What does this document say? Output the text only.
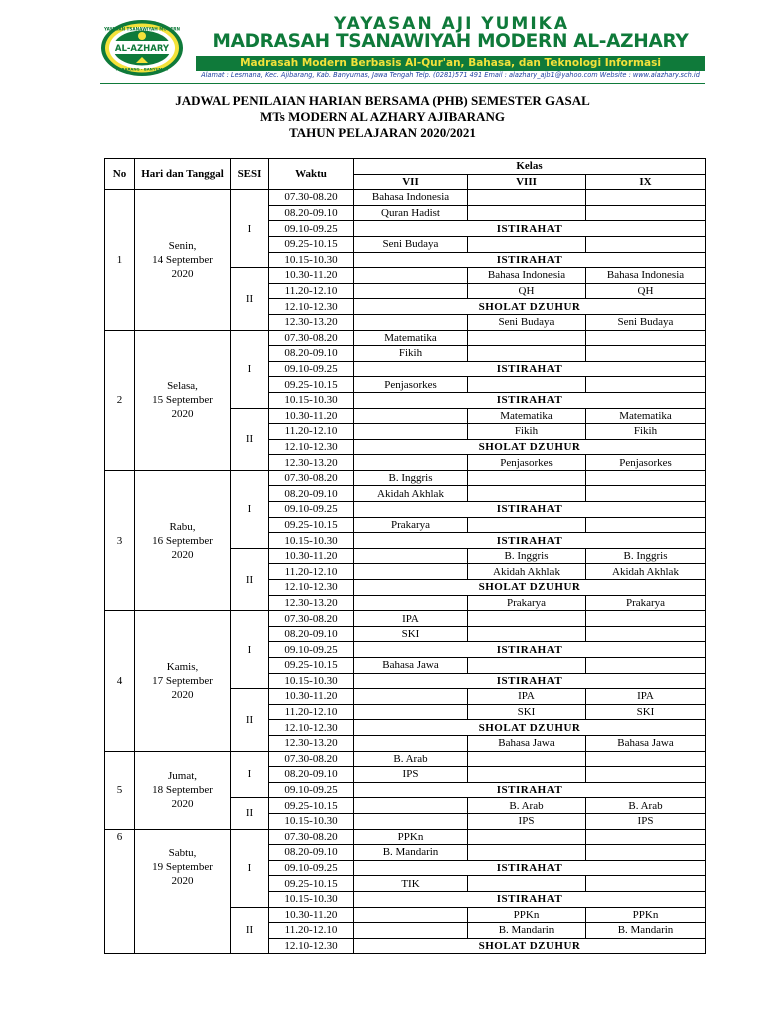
YAYASAN TSANAWIYAH MODERN
AL-AZHARY
AJIBARANG - BANYUMAS
YAYASAN AJI YUMIKA
MADRASAH TSANAWIYAH MODERN AL-AZHARY
Madrasah Modern Berbasis Al-Qur'an, Bahasa, dan Teknologi Informasi
Alamat : Lesmana, Kec. Ajibarang, Kab. Banyumas, Jawa Tengah Telp. (0281)571 491 Email : alazhary_ajb1@yahoo.com Website : www.alazhary.sch.id
JADWAL PENILAIAN HARIAN BERSAMA (PHB) SEMESTER GASAL
MTs MODERN AL AZHARY AJIBARANG
TAHUN PELAJARAN 2020/2021
No	Hari dan Tanggal	SESI	Waktu	Kelas		
				VII	VIII	IX
1	Senin,
14 September
2020	I	07.30-08.20	Bahasa Indonesia		
			08.20-09.10	Quran Hadist		
			09.10-09.25	ISTIRAHAT		
			09.25-10.15	Seni Budaya		
			10.15-10.30	ISTIRAHAT		
		II	10.30-11.20		Bahasa Indonesia	Bahasa Indonesia
			11.20-12.10		QH	QH
			12.10-12.30	SHOLAT DZUHUR		
			12.30-13.20		Seni Budaya	Seni Budaya
2	Selasa,
15 September
2020	I	07.30-08.20	Matematika		
			08.20-09.10	Fikih		
			09.10-09.25	ISTIRAHAT		
			09.25-10.15	Penjasorkes		
			10.15-10.30	ISTIRAHAT		
		II	10.30-11.20		Matematika	Matematika
			11.20-12.10		Fikih	Fikih
			12.10-12.30	SHOLAT DZUHUR		
			12.30-13.20		Penjasorkes	Penjasorkes
3	Rabu,
16 September
2020	I	07.30-08.20	B. Inggris		
			08.20-09.10	Akidah Akhlak		
			09.10-09.25	ISTIRAHAT		
			09.25-10.15	Prakarya		
			10.15-10.30	ISTIRAHAT		
		II	10.30-11.20		B. Inggris	B. Inggris
			11.20-12.10		Akidah Akhlak	Akidah Akhlak
			12.10-12.30	SHOLAT DZUHUR		
			12.30-13.20		Prakarya	Prakarya
4	Kamis,
17 September
2020	I	07.30-08.20	IPA		
			08.20-09.10	SKI		
			09.10-09.25	ISTIRAHAT		
			09.25-10.15	Bahasa Jawa		
			10.15-10.30	ISTIRAHAT		
		II	10.30-11.20		IPA	IPA
			11.20-12.10		SKI	SKI
			12.10-12.30	SHOLAT DZUHUR		
			12.30-13.20		Bahasa Jawa	Bahasa Jawa
5	Jumat,
18 September
2020	I	07.30-08.20	B. Arab		
			08.20-09.10	IPS		
			09.10-09.25	ISTIRAHAT		
		II	09.25-10.15		B. Arab	B. Arab
			10.15-10.30		IPS	IPS
6	Sabtu,
19 September
2020	I	07.30-08.20	PPKn		
			08.20-09.10	B. Mandarin		
			09.10-09.25	ISTIRAHAT		
			09.25-10.15	TIK		
			10.15-10.30	ISTIRAHAT		
		II	10.30-11.20		PPKn	PPKn
			11.20-12.10		B. Mandarin	B. Mandarin
			12.10-12.30	SHOLAT DZUHUR		
